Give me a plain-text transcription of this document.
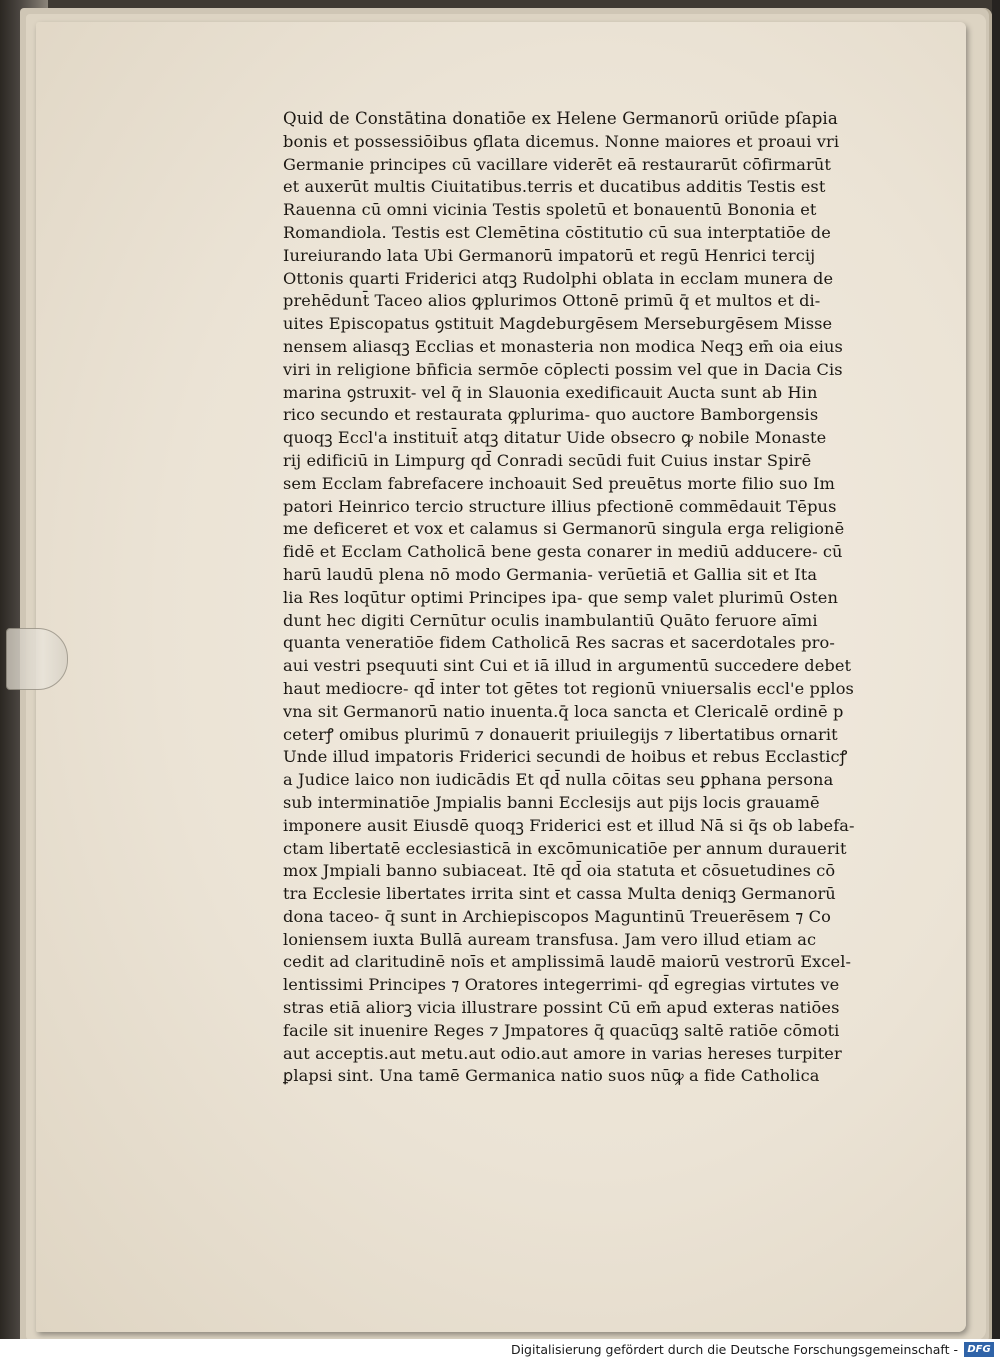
Quid de Constātina donatiōe ex Helene Germanorū oriūde pſapia
bonis et possessiōibus ꝯflata dicemus. Nonne maiores et proaui vri
Germanie principes cū vacillare viderēt eā restaurarūt cōfirmarūt
et auxerūt multis Ciuitatibus.terris et ducatibus additis Testis est
Rauenna cū omni vicinia Testis spoletū et bonauentū Bononia et
Romandiola. Testis est Clemētina cōstitutio cū sua interptatiōe de
Iureiurando lata Ubi Germanorū impatorū et regū Henrici tercij
Ottonis quarti Friderici atqꝫ Rudolphi oblata in ecclam munera de
prehēdunt̄ Taceo alios ꝙplurimos Ottonē primū q̄ et multos et di-
uites Episcopatus ꝯstituit Magdeburgēsem Merseburgēsem Misse
nensem aliasqꝫ Ecclias et monasteria non modica Neqꝫ em̄ oia eius
viri in religione bn̄ficia sermōe cōplecti possim vel que in Dacia Cis
marina ꝯstruxit- vel q̄ in Slauonia exedificauit Aucta sunt ab Hin
rico secundo et restaurata ꝙplurima- quo auctore Bamborgensis
quoqꝫ Eccl'a instituit̄ atqꝫ ditatur Uide obsecro ꝙ nobile Monaste
rij edificiū in Limpurg qd̄ Conradi secūdi fuit Cuius instar Spirē
sem Ecclam fabrefacere inchoauit Sed preuētus morte filio suo Im
patori Heinrico tercio structure illius pfectionē commēdauit Tēpus
me deficeret et vox et calamus si Germanorū singula erga religionē
fidē et Ecclam Catholicā bene gesta conarer in mediū adducere- cū
harū laudū plena nō modo Germania- verūetiā et Gallia sit et Ita
lia Res loqūtur optimi Principes ipa- que semp valet plurimū Osten
dunt hec digiti Cernūtur oculis inambulantiū Quāto feruore aīmi
quanta veneratiōe fidem Catholicā Res sacras et sacerdotales pro-
aui vestri psequuti sint Cui et iā illud in argumentū succedere debet
haut mediocre- qd̄ inter tot gētes tot regionū vniuersalis eccl'e pplos
vna sit Germanorū natio inuenta.q̄ loca sancta et Clericalē ordinē p
ceterꝭ omibus plurimū ⁊ donauerit priuilegijs ⁊ libertatibus ornarit
Unde illud impatoris Friderici secundi de hoibus et rebus Ecclasticꝭ
a Judice laico non iudicādis Et qd̄ nulla cōitas seu ꝑphana persona
sub interminatiōe Jmpialis banni Ecclesijs aut pijs locis grauamē
imponere ausit Eiusdē quoqꝫ Friderici est et illud Nā si q̄s ob labefa-
ctam libertatē ecclesiasticā in excōmunicatiōe per annum durauerit
mox Jmpiali banno subiaceat. Itē qd̄ oia statuta et cōsuetudines cō
tra Ecclesie libertates irrita sint et cassa Multa deniqꝫ Germanorū
dona taceo- q̄ sunt in Archiepiscopos Maguntinū Treuerēsem ⁊ Co
loniensem iuxta Bullā auream transfusa. Jam vero illud etiam ac
cedit ad claritudinē noīs et amplissimā laudē maiorū vestrorū Excel-
lentissimi Principes ⁊ Oratores integerrimi- qd̄ egregias virtutes ve
stras etiā aliorꝫ vicia illustrare possint Cū em̄ apud exteras natiōes
facile sit inuenire Reges ⁊ Jmpatores q̄ quacūqꝫ saltē ratiōe cōmoti
aut acceptis.aut metu.aut odio.aut amore in varias hereses turpiter
ꝑlapsi sint. Una tamē Germanica natio suos nūꝙ a fide Catholica
Digitalisierung gefördert durch die Deutsche Forschungsgemeinschaft - DFG
